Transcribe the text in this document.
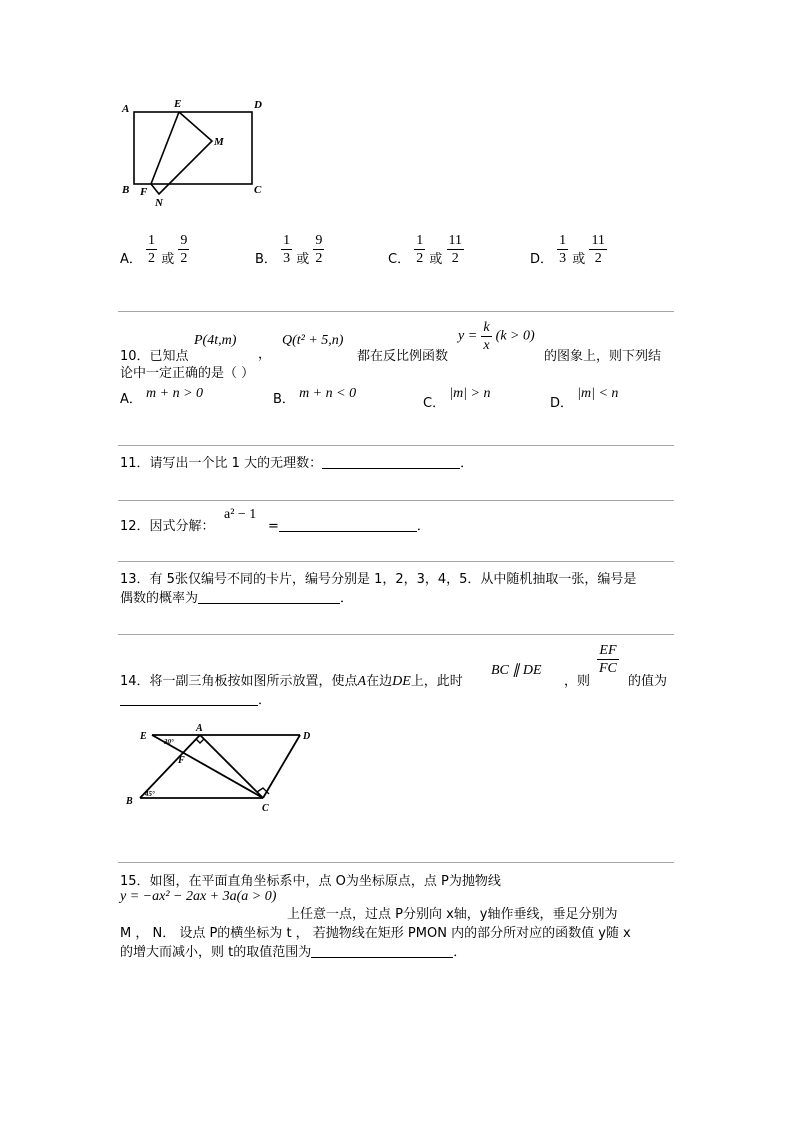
A	E	D
M
B F
N
C
A． $\frac{1}{2}$ 或 $\frac{9}{2}$	B． $\frac{1}{3}$ 或 $\frac{9}{2}$	C． $\frac{1}{2}$ 或 $\frac{11}{2}$	D． $\frac{1}{3}$ 或 $\frac{11}{2}$
10．已知点
P(4t,m)
，
Q(t² + 5,n)
都在反比例函数
$y = \frac{k}{x} (k > 0)$
的图象上，则下列结
论中一定正确的是（ ）
A． m + n > 0	B． m + n < 0
C． |m| > n
D． |m| < n
11．请写出一个比 1 大的无理数：	．
12．因式分解：
a² − 1
=	．
13．有 5张仅编号不同的卡片，编号分别是 1，2，3，4，5．从中随机抽取一张，编号是
偶数的概率为	．
14．将一副三角板按如图所示放置，使点A在边DE上，此时
BC ∥ DE
，则
$\frac{EF}{FC}$
的值为
．
E
A
D
F
B
C
30°
45°
15．如图，在平面直角坐标系中，点 O为坐标原点，点 P为抛物线
y = −ax² − 2ax + 3a(a > 0)
上任意一点，过点 P分别向 x轴，y轴作垂线，垂足分别为
M ， N． 设点 P的横坐标为 t ， 若抛物线在矩形 PMON 内的部分所对应的函数值 y随 x
的增大而减小，则 t的取值范围为	．
